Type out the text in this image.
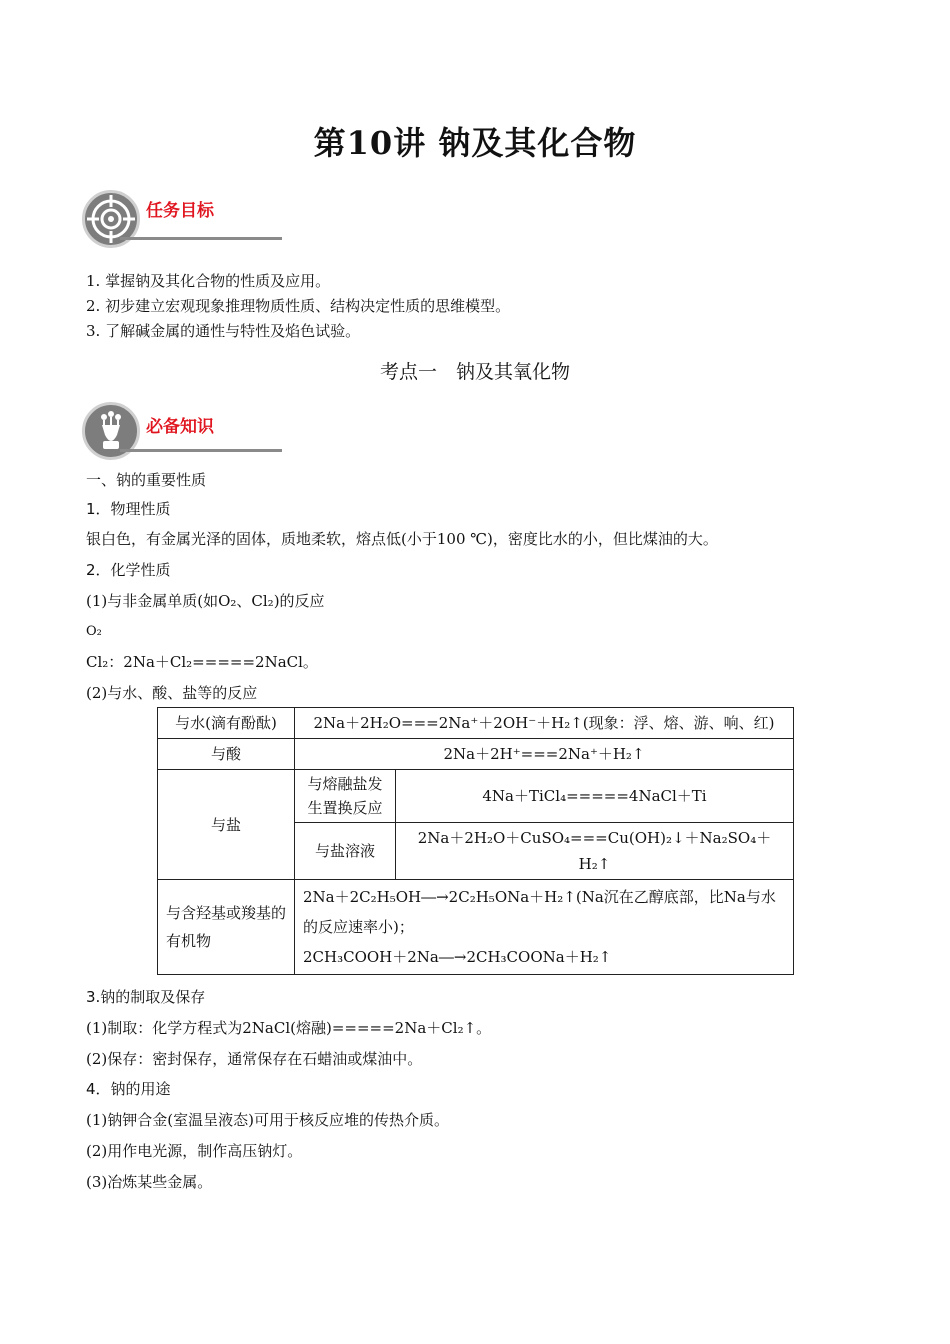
第10讲 钠及其化合物
任务目标
1. 掌握钠及其化合物的性质及应用。
2. 初步建立宏观现象推理物质性质、结构决定性质的思维模型。
3. 了解碱金属的通性与特性及焰色试验。
考点一　钠及其氧化物
必备知识
一、钠的重要性质
1．物理性质
银白色，有金属光泽的固体，质地柔软，熔点低(小于100 ℃)，密度比水的小，但比煤油的大。
2．化学性质
(1)与非金属单质(如O₂、Cl₂)的反应
O₂
Cl₂：2Na＋Cl₂=====2NaCl。
(2)与水、酸、盐等的反应
与水(滴有酚酞)	2Na＋2H₂O===2Na⁺＋2OH⁻＋H₂↑(现象：浮、熔、游、响、红)	
与酸	2Na＋2H⁺===2Na⁺＋H₂↑	
与盐	与熔融盐发生置换反应	4Na＋TiCl₄=====4NaCl＋Ti
	与盐溶液	2Na＋2H₂O＋CuSO₄===Cu(OH)₂↓＋Na₂SO₄＋H₂↑
与含羟基或羧基的有机物	2Na＋2C₂H₅OH―→2C₂H₅ONa＋H₂↑(Na沉在乙醇底部，比Na与水的反应速率小)；
2CH₃COOH＋2Na―→2CH₃COONa＋H₂↑	
3.钠的制取及保存
(1)制取：化学方程式为2NaCl(熔融)=====2Na＋Cl₂↑。
(2)保存：密封保存，通常保存在石蜡油或煤油中。
4．钠的用途
(1)钠钾合金(室温呈液态)可用于核反应堆的传热介质。
(2)用作电光源，制作高压钠灯。
(3)冶炼某些金属。
